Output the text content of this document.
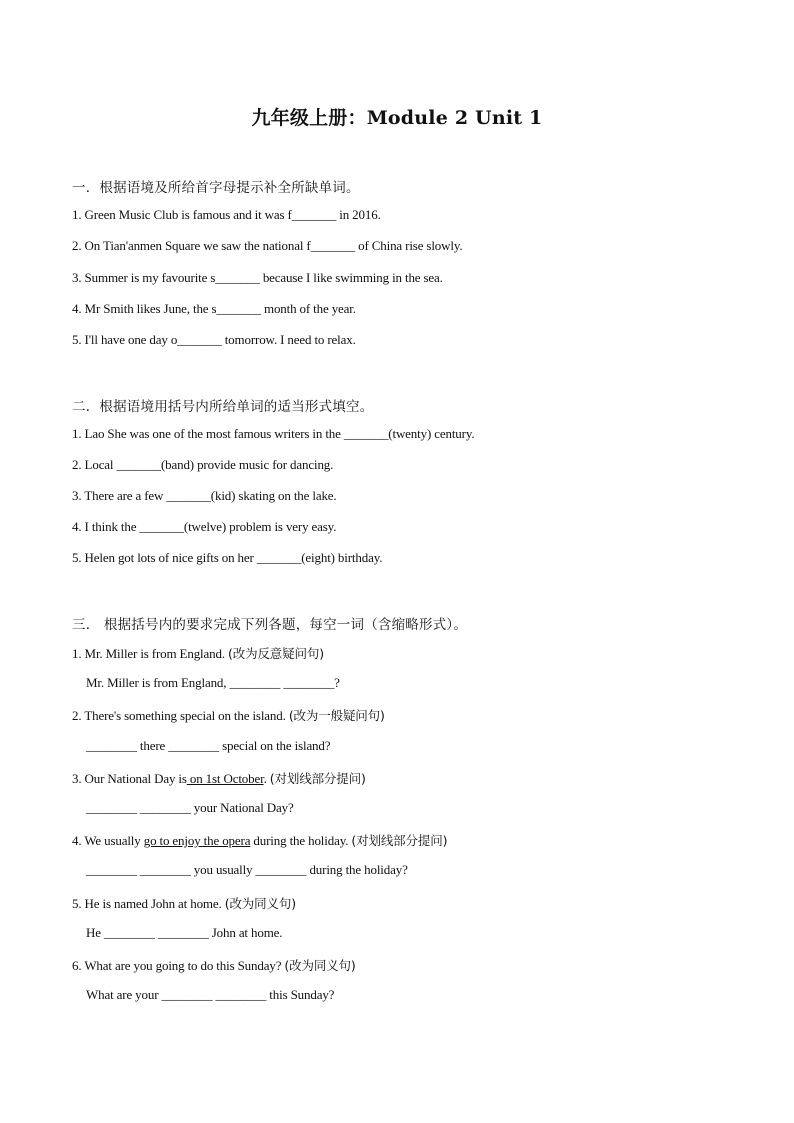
九年级上册：Module 2 Unit 1
一．根据语境及所给首字母提示补全所缺单词。
1. Green Music Club is famous and it was f_______ in 2016.
2. On Tian'anmen Square we saw the national f_______ of China rise slowly.
3. Summer is my favourite s_______ because I like swimming in the sea.
4. Mr Smith likes June, the s_______ month of the year.
5. I'll have one day o_______ tomorrow. I need to relax.
二．根据语境用括号内所给单词的适当形式填空。
1. Lao She was one of the most famous writers in the _______(twenty) century.
2. Local _______(band) provide music for dancing.
3. There are a few _______(kid) skating on the lake.
4. I think the _______(twelve) problem is very easy.
5. Helen got lots of nice gifts on her _______(eight) birthday.
三． 根据括号内的要求完成下列各题，每空一词（含缩略形式）。
1. Mr. Miller is from England. (改为反意疑问句)
Mr. Miller is from England, ________ ________?
2. There's something special on the island. (改为一般疑问句)
________ there ________ special on the island?
3. Our National Day is on 1st October. (对划线部分提问)
________ ________ your National Day?
4. We usually go to enjoy the opera during the holiday. (对划线部分提问)
________ ________ you usually ________ during the holiday?
5. He is named John at home. (改为同义句)
He ________ ________ John at home.
6. What are you going to do this Sunday? (改为同义句)
What are your ________ ________ this Sunday?
